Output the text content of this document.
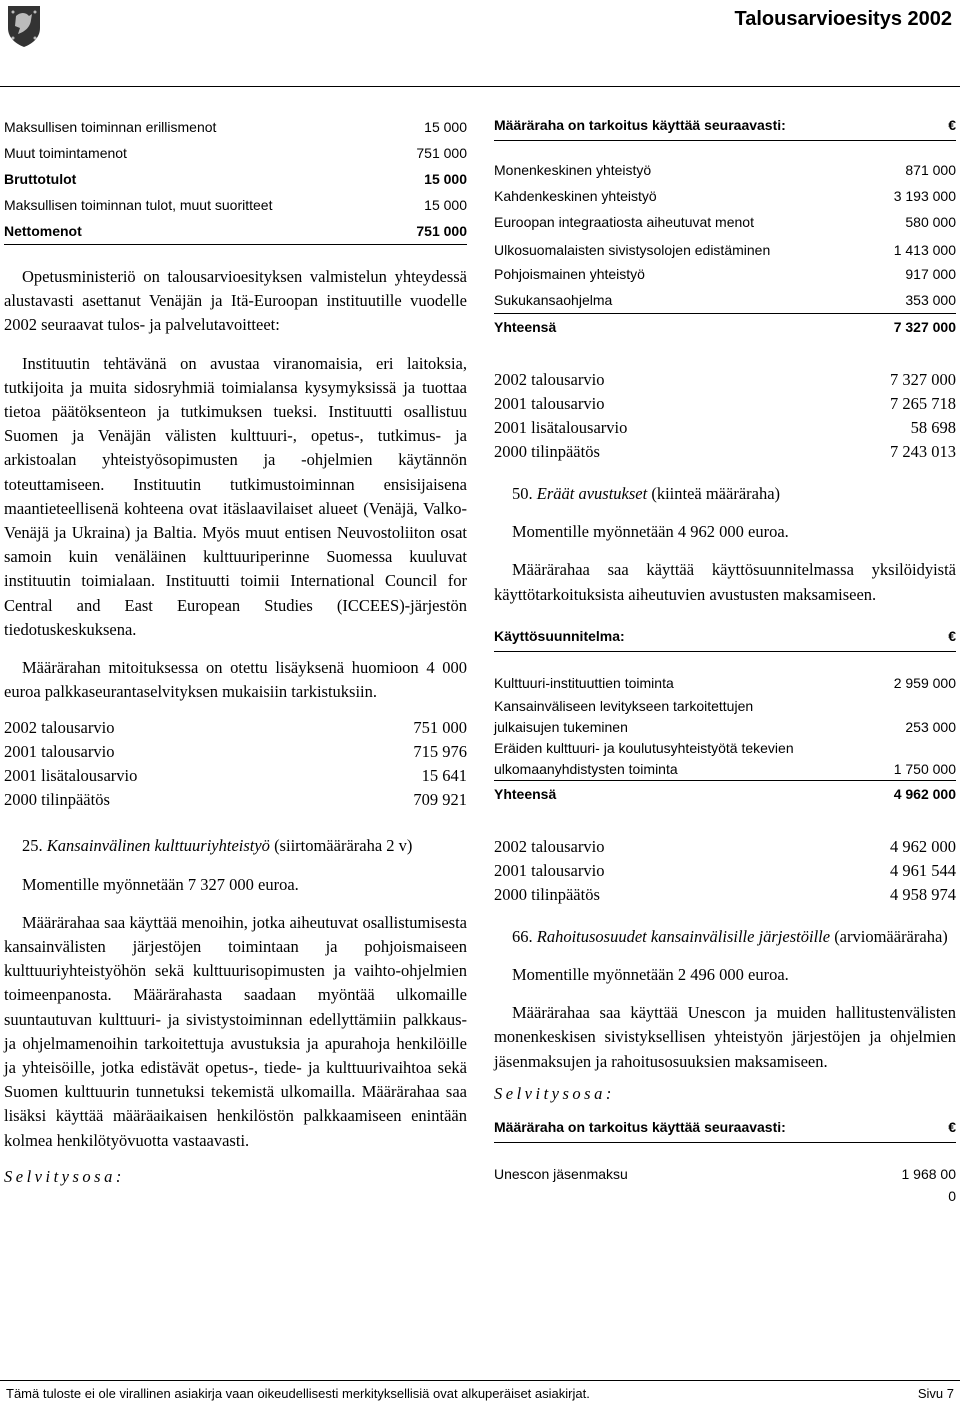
Talousarvioesitys 2002
Maksullisen toiminnan erillismenot	15 000
Muut toimintamenot	751 000
Bruttotulot	15 000
Maksullisen toiminnan tulot, muut suoritteet	15 000
Nettomenot	751 000

Opetusministeriö on talousarvioesityksen valmistelun yhteydessä alustavasti asettanut Venäjän ja Itä-Euroopan instituutille vuodelle 2002 seuraavat tulos- ja palvelutavoitteet:

Instituutin tehtävänä on avustaa viranomaisia, eri laitoksia, tutkijoita ja muita sidosryhmiä toimialansa kysymyksissä ja tuottaa tietoa päätöksenteon ja tutkimuksen tueksi. Instituutti osallistuu Suomen ja Venäjän välisten kulttuuri-, opetus-, tutkimus- ja arkistoalan yhteistyösopimusten ja -ohjelmien käytännön toteuttamiseen. Instituutin tutkimustoiminnan ensisijaisena maantieteellisenä kohteena ovat itäslaavilaiset alueet (Venäjä, Valko-Venäjä ja Ukraina) ja Baltia. Myös muut entisen Neuvostoliiton osat samoin kuin venäläinen kulttuuriperinne Suomessa kuuluvat instituutin toimialaan. Instituutti toimii International Council for Central and East European Studies (ICCEES)-järjestön tiedotuskeskuksena.

Määrärahan mitoituksessa on otettu lisäyksenä huomioon 4 000 euroa palkkaseurantaselvityksen mukaisiin tarkistuksiin.

2002 talousarvio	751 000
2001 talousarvio	715 976
2001 lisätalousarvio	15 641
2000 tilinpäätös	709 921

25. Kansainvälinen kulttuuriyhteistyö (siirtomääräraha 2 v)

Momentille myönnetään 7 327 000 euroa.

Määrärahaa saa käyttää menoihin, jotka aiheutuvat osallistumisesta kansainvälisten järjestöjen toimintaan ja pohjoismaiseen kulttuuriyhteistyöhön sekä kulttuurisopimusten ja vaihto-ohjelmien toimeenpanosta. Määrärahasta saadaan myöntää ulkomaille suuntautuvan kulttuuri- ja sivistystoiminnan edellyttämiin palkkaus- ja ohjelmamenoihin tarkoitettuja avustuksia ja apurahoja henkilöille ja yhteisöille, jotka edistävät opetus-, tiede- ja kulttuurivaihtoa sekä Suomen kulttuurin tunnetuksi tekemistä ulkomailla. Määrärahaa saa lisäksi käyttää määräaikaisen henkilöstön palkkaamiseen enintään kolmea henkilötyövuotta vastaavasti.

Selvitysosa:

Määräraha on tarkoitus käyttää seuraavasti:	€
Monenkeskinen yhteistyö	871 000
Kahdenkeskinen yhteistyö	3 193 000
Euroopan integraatiosta aiheutuvat menot	580 000
Ulkosuomalaisten sivistysolojen edistäminen	1 413 000
Pohjoismainen yhteistyö	917 000
Sukukansaohjelma	353 000
Yhteensä	7 327 000
2002 talousarvio	7 327 000
2001 talousarvio	7 265 718
2001 lisätalousarvio	58 698
2000 tilinpäätös	7 243 013

50. Eräät avustukset (kiinteä määräraha)

Momentille myönnetään 4 962 000 euroa.

Määrärahaa saa käyttää käyttösuunnitelmassa yksilöidyistä käyttötarkoituksista aiheutuvien avustusten maksamiseen.

Käyttösuunnitelma:	€
Kulttuuri-instituuttien toiminta	2 959 000
Kansainväliseen levitykseen tarkoitettujen julkaisujen tukeminen	253 000
Eräiden kulttuuri- ja koulutusyhteistyötä tekevien ulkomaanyhdistysten toiminta	1 750 000
Yhteensä	4 962 000
2002 talousarvio	4 962 000
2001 talousarvio	4 961 544
2000 tilinpäätös	4 958 974

66. Rahoitusosuudet kansainvälisille järjestöille (arviomääräraha)

Momentille myönnetään 2 496 000 euroa.

Määrärahaa saa käyttää Unescon ja muiden hallitustenvälisten monenkeskisen sivistyksellisen yhteistyön järjestöjen ja ohjelmien jäsenmaksujen ja rahoitusosuuksien maksamiseen.

Selvitysosa:

Määräraha on tarkoitus käyttää seuraavasti:	€
Unescon jäsenmaksu	1 968 00
0
Tämä tuloste ei ole virallinen asiakirja vaan oikeudellisesti merkityksellisiä ovat alkuperäiset asiakirjat.	Sivu 7
